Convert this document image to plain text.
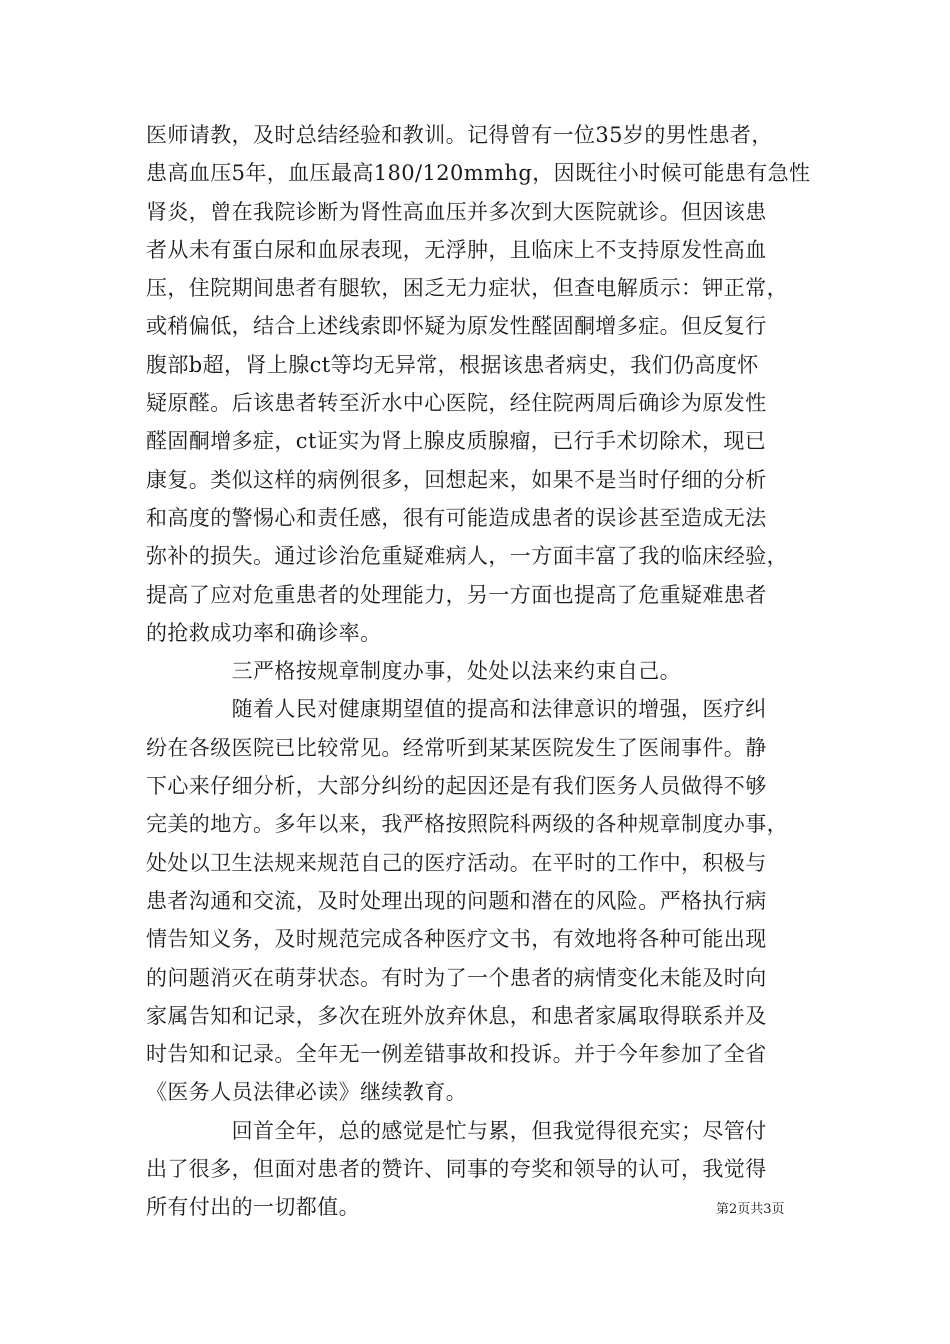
医师请教，及时总结经验和教训。记得曾有一位35岁的男性患者，
患高血压5年，血压最高180/120mmhg，因既往小时候可能患有急性
肾炎，曾在我院诊断为肾性高血压并多次到大医院就诊。但因该患
者从未有蛋白尿和血尿表现，无浮肿，且临床上不支持原发性高血
压，住院期间患者有腿软，困乏无力症状，但查电解质示：钾正常，
或稍偏低，结合上述线索即怀疑为原发性醛固酮增多症。但反复行
腹部b超，肾上腺ct等均无异常，根据该患者病史，我们仍高度怀
疑原醛。后该患者转至沂水中心医院，经住院两周后确诊为原发性
醛固酮增多症，ct证实为肾上腺皮质腺瘤，已行手术切除术，现已
康复。类似这样的病例很多，回想起来，如果不是当时仔细的分析
和高度的警惕心和责任感，很有可能造成患者的误诊甚至造成无法
弥补的损失。通过诊治危重疑难病人，一方面丰富了我的临床经验，
提高了应对危重患者的处理能力，另一方面也提高了危重疑难患者
的抢救成功率和确诊率。
　　　　三严格按规章制度办事，处处以法来约束自己。
　　　　随着人民对健康期望值的提高和法律意识的增强，医疗纠
纷在各级医院已比较常见。经常听到某某医院发生了医闹事件。静
下心来仔细分析，大部分纠纷的起因还是有我们医务人员做得不够
完美的地方。多年以来，我严格按照院科两级的各种规章制度办事，
处处以卫生法规来规范自己的医疗活动。在平时的工作中，积极与
患者沟通和交流，及时处理出现的问题和潜在的风险。严格执行病
情告知义务，及时规范完成各种医疗文书，有效地将各种可能出现
的问题消灭在萌芽状态。有时为了一个患者的病情变化未能及时向
家属告知和记录，多次在班外放弃休息，和患者家属取得联系并及
时告知和记录。全年无一例差错事故和投诉。并于今年参加了全省
《医务人员法律必读》继续教育。
　　　　回首全年，总的感觉是忙与累，但我觉得很充实；尽管付
出了很多，但面对患者的赞许、同事的夸奖和领导的认可，我觉得
所有付出的一切都值。	第2页共3页
